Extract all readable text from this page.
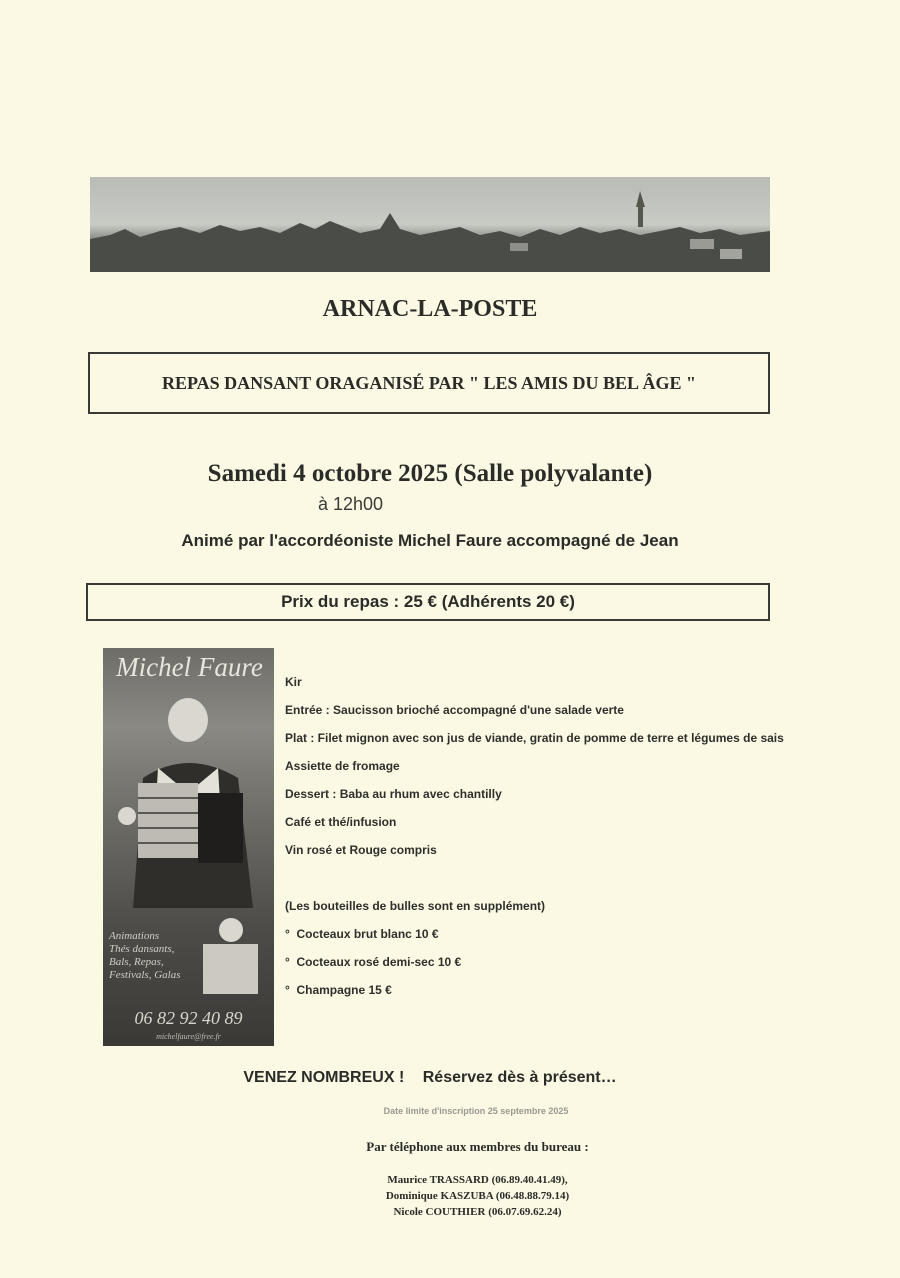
ARNAC-LA-POSTE
REPAS DANSANT ORAGANISÉ PAR " LES AMIS DU BEL ÂGE "
Samedi 4 octobre 2025 (Salle polyvalante)
à 12h00
Animé par l'accordéoniste Michel Faure accompagné de Jean
Prix du repas : 25 € (Adhérents 20 €)
Michel Faure
Animations
Thés dansants,
Bals, Repas,
Festivals, Galas
06 82 92 40 89
michelfaure@free.fr
Kir
Entrée : Saucisson brioché accompagné d'une salade verte
Plat : Filet mignon avec son jus de viande, gratin de pomme de terre et légumes de sais
Assiette de fromage
Dessert : Baba au rhum avec chantilly
Café et thé/infusion
Vin rosé et Rouge compris
(Les bouteilles de bulles sont en supplément)
°  Cocteaux brut blanc 10 €
°  Cocteaux rosé demi-sec 10 €
°  Champagne 15 €
VENEZ NOMBREUX ! Réservez dès à présent…
Date limite d'inscription 25 septembre 2025
Par téléphone aux membres du bureau :
Maurice TRASSARD (06.89.40.41.49),
Dominique KASZUBA (06.48.88.79.14)
Nicole COUTHIER (06.07.69.62.24)
